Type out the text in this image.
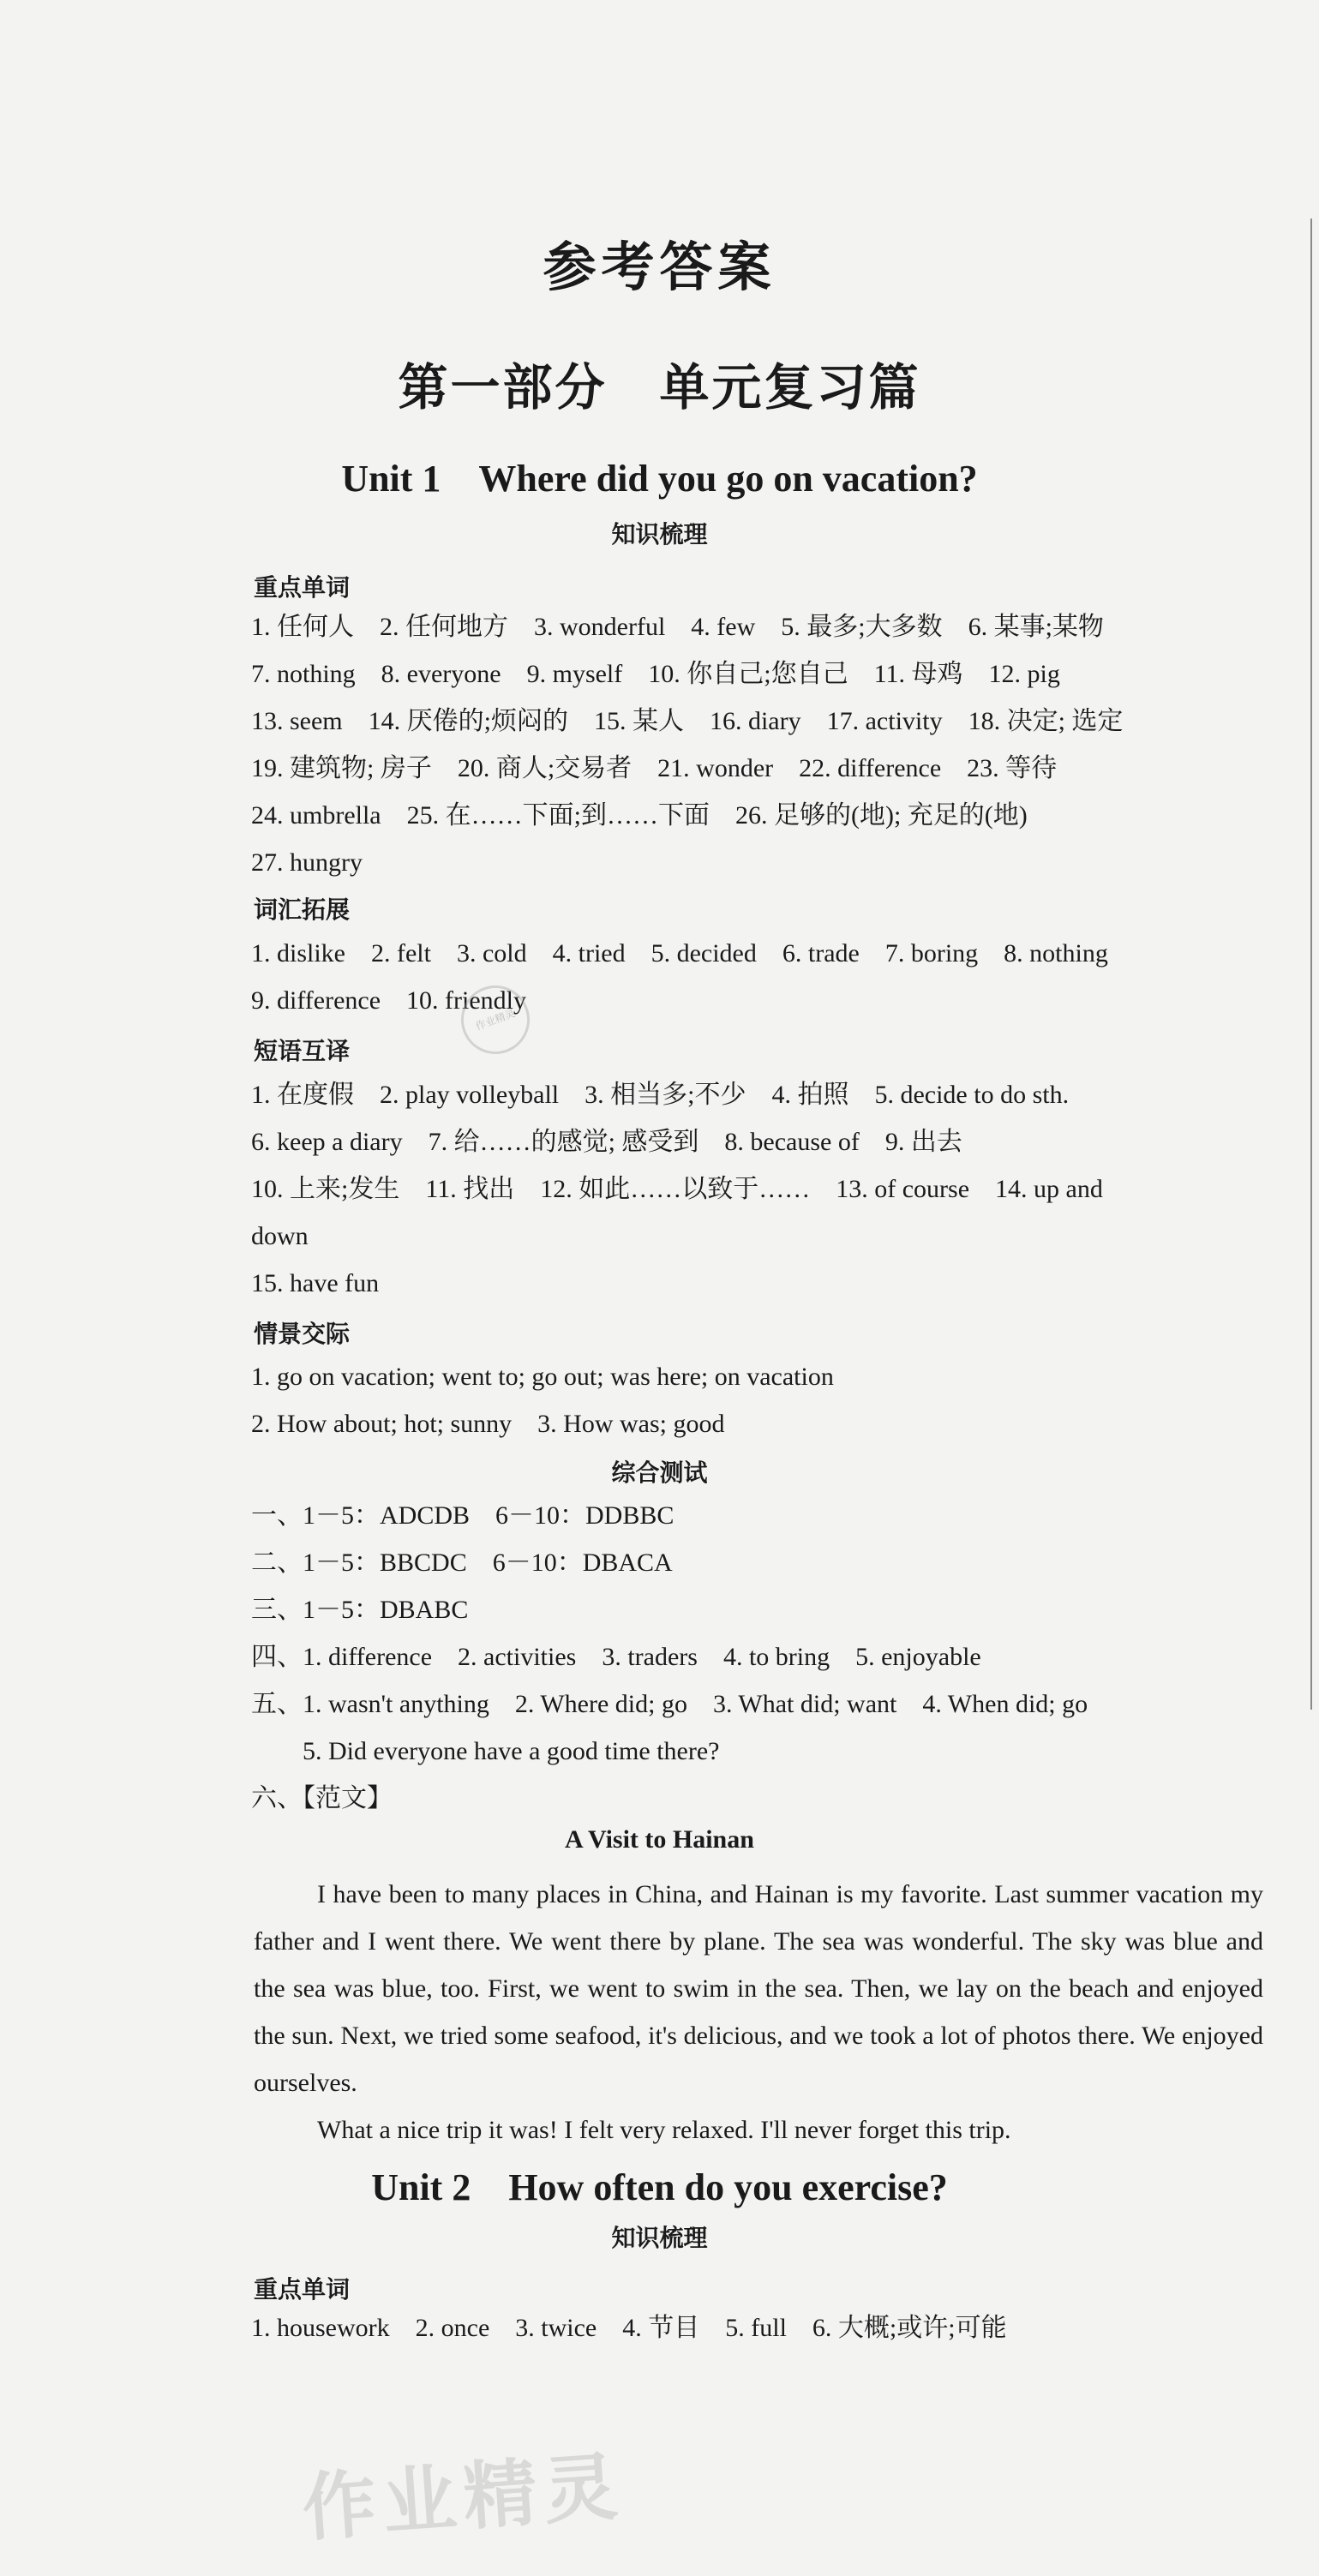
参考答案
第一部分　单元复习篇
Unit 1　Where did you go on vacation?
知识梳理
重点单词
1. 任何人　2. 任何地方　3. wonderful　4. few　5. 最多;大多数　6. 某事;某物
7. nothing　8. everyone　9. myself　10. 你自己;您自己　11. 母鸡　12. pig
13. seem　14. 厌倦的;烦闷的　15. 某人　16. diary　17. activity　18. 决定; 选定
19. 建筑物; 房子　20. 商人;交易者　21. wonder　22. difference　23. 等待
24. umbrella　25. 在……下面;到……下面　26. 足够的(地); 充足的(地)
27. hungry
词汇拓展
1. dislike　2. felt　3. cold　4. tried　5. decided　6. trade　7. boring　8. nothing
9. difference　10. friendly
作业精灵
短语互译
1. 在度假　2. play volleyball　3. 相当多;不少　4. 拍照　5. decide to do sth.
6. keep a diary　7. 给……的感觉; 感受到　8. because of　9. 出去
10. 上来;发生　11. 找出　12. 如此……以致于……　13. of course　14. up and
down
15. have fun
情景交际
1. go on vacation; went to; go out; was here; on vacation
2. How about; hot; sunny　3. How was; good
综合测试
一、1－5：ADCDB　6－10：DDBBC
二、1－5：BBCDC　6－10：DBACA
三、1－5：DBABC
四、1. difference　2. activities　3. traders　4. to bring　5. enjoyable
五、1. wasn't anything　2. Where did; go　3. What did; want　4. When did; go
　　5. Did everyone have a good time there?
六、【范文】
A Visit to Hainan

I have been to many places in China, and Hainan is my favorite. Last summer vacation my father and I went there. We went there by plane. The sea was wonderful. The sky was blue and the sea was blue, too. First, we went to swim in the sea. Then, we lay on the beach and enjoyed the sun. Next, we tried some seafood, it's delicious, and we took a lot of photos there. We enjoyed ourselves.

What a nice trip it was! I felt very relaxed. I'll never forget this trip.

Unit 2　How often do you exercise?
知识梳理
重点单词
1. housework　2. once　3. twice　4. 节目　5. full　6. 大概;或许;可能
作业精灵
